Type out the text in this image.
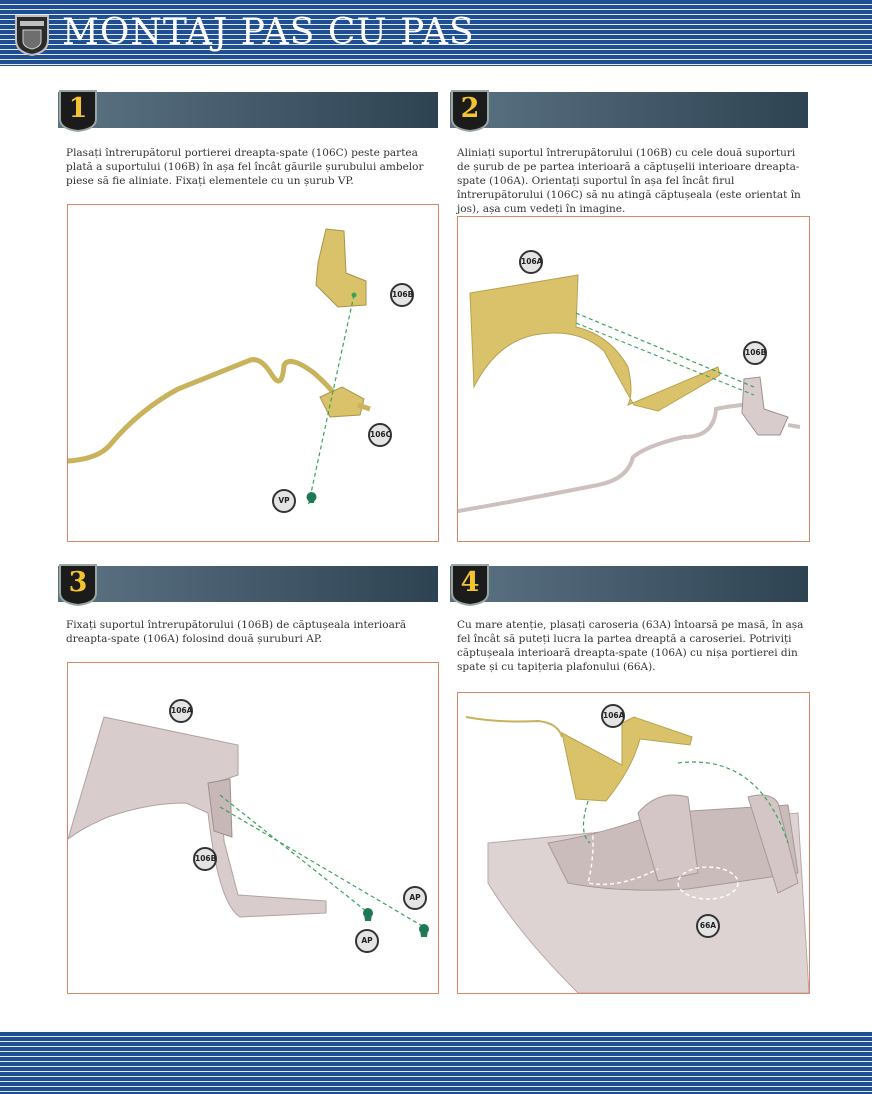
MONTAJ PAS CU PAS
1
Plasați întrerupătorul portierei dreapta-spate (106C) peste partea plată a suportului (106B) în așa fel încât găurile șurubului ambelor piese să fie aliniate. Fixați elementele cu un șurub VP.
106B
106C
VP
2
Aliniați suportul întrerupătorului (106B) cu cele două suporturi de șurub de pe partea interioară a căptușelii interioare dreapta-spate (106A). Orientați suportul în așa fel încât firul întrerupătorului (106C) să nu atingă căptușeala (este orientat în jos), așa cum vedeți în imagine.
106A
106B
3
Fixați suportul întrerupătorului (106B) de căptușeala interioară dreapta-spate (106A) folosind două șuruburi AP.
106A
106B
AP
AP
4
Cu mare atenție, plasați caroseria (63A) întoarsă pe masă, în așa fel încât să puteți lucra la partea dreaptă a caroseriei. Potriviți căptușeala interioară dreapta-spate (106A) cu nișa portierei din spate și cu tapițeria plafonului (66A).
106A
66A
